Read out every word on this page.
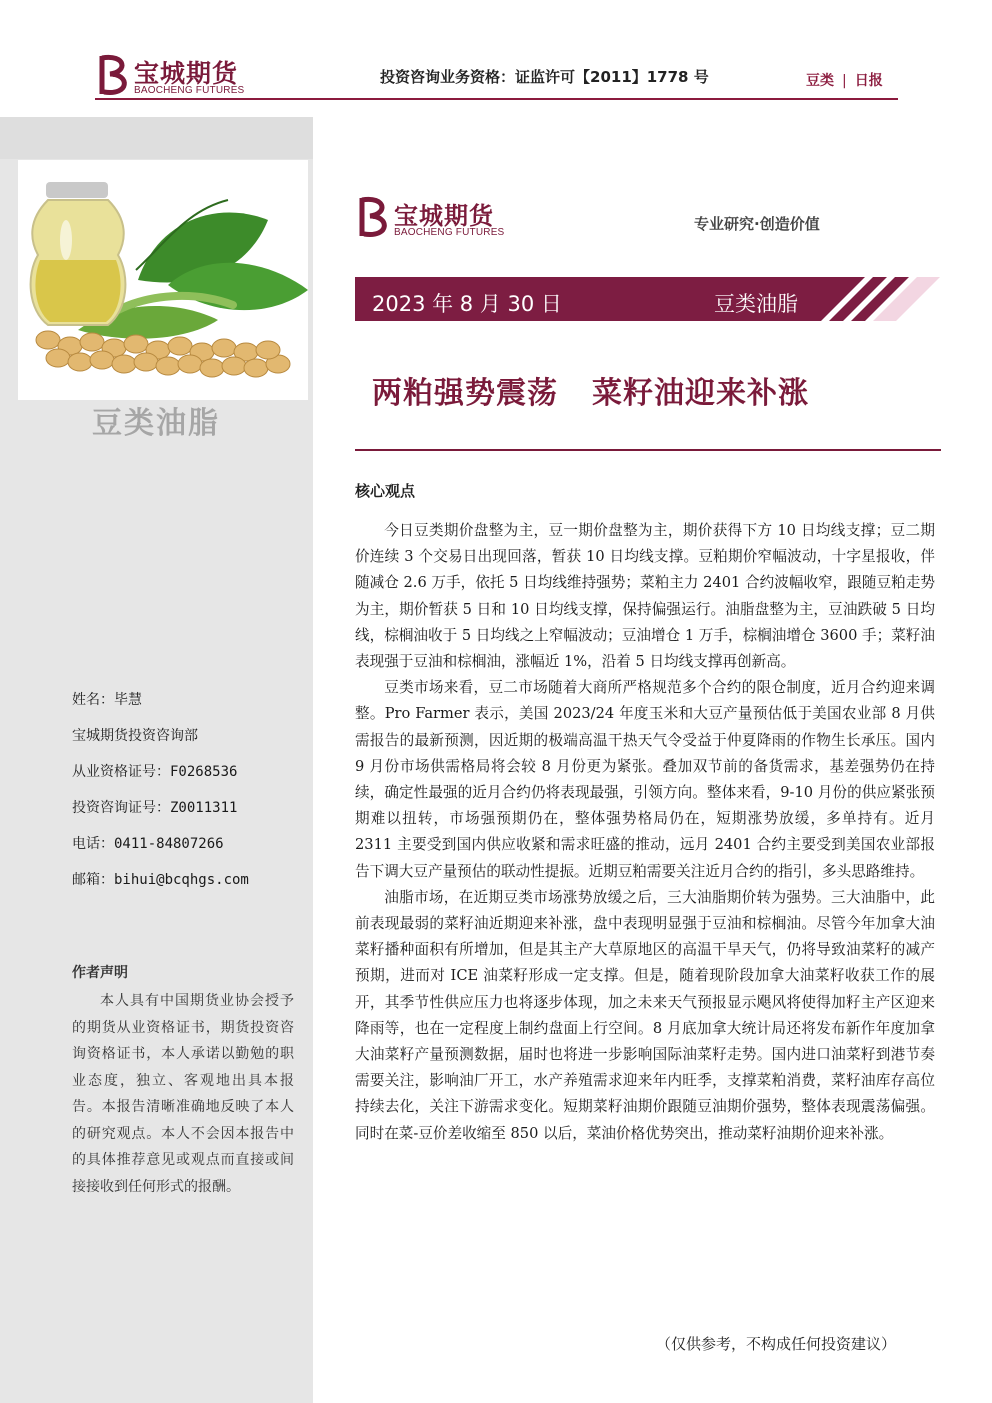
宝城期货
BAOCHENG FUTURES
投资咨询业务资格：证监许可【2011】1778 号	豆类 | 日报
豆类油脂
姓名：毕慧
宝城期货投资咨询部
从业资格证号：F0268536
投资咨询证号：Z0011311
电话：0411-84807266
邮箱：bihui@bcqhgs.com
作者声明
本人具有中国期货业协会授予的期货从业资格证书，期货投资咨询资格证书，本人承诺以勤勉的职业态度，独立、客观地出具本报告。本报告清晰准确地反映了本人的研究观点。本人不会因本报告中的具体推荐意见或观点而直接或间接接收到任何形式的报酬。
宝城期货
BAOCHENG FUTURES	专业研究·创造价值
2023 年 8 月 30 日	豆类油脂
两粕强势震荡 菜籽油迎来补涨
核心观点

今日豆类期价盘整为主，豆一期价盘整为主，期价获得下方 10 日均线支撑；豆二期价连续 3 个交易日出现回落，暂获 10 日均线支撑。豆粕期价窄幅波动，十字星报收，伴随减仓 2.6 万手，依托 5 日均线维持强势；菜粕主力 2401 合约波幅收窄，跟随豆粕走势为主，期价暂获 5 日和 10 日均线支撑，保持偏强运行。油脂盘整为主，豆油跌破 5 日均线，棕榈油收于 5 日均线之上窄幅波动；豆油增仓 1 万手，棕榈油增仓 3600 手；菜籽油表现强于豆油和棕榈油，涨幅近 1%，沿着 5 日均线支撑再创新高。

豆类市场来看，豆二市场随着大商所严格规范多个合约的限仓制度，近月合约迎来调整。Pro Farmer 表示，美国 2023/24 年度玉米和大豆产量预估低于美国农业部 8 月供需报告的最新预测，因近期的极端高温干热天气令受益于仲夏降雨的作物生长承压。国内 9 月份市场供需格局将会较 8 月份更为紧张。叠加双节前的备货需求，基差强势仍在持续，确定性最强的近月合约仍将表现最强，引领方向。整体来看，9-10 月份的供应紧张预期难以扭转，市场强预期仍在，整体强势格局仍在，短期涨势放缓，多单持有。近月 2311 主要受到国内供应收紧和需求旺盛的推动，远月 2401 合约主要受到美国农业部报告下调大豆产量预估的联动性提振。近期豆粕需要关注近月合约的指引，多头思路维持。

油脂市场，在近期豆类市场涨势放缓之后，三大油脂期价转为强势。三大油脂中，此前表现最弱的菜籽油近期迎来补涨，盘中表现明显强于豆油和棕榈油。尽管今年加拿大油菜籽播种面积有所增加，但是其主产大草原地区的高温干旱天气，仍将导致油菜籽的减产预期，进而对 ICE 油菜籽形成一定支撑。但是，随着现阶段加拿大油菜籽收获工作的展开，其季节性供应压力也将逐步体现，加之未来天气预报显示飓风将使得加籽主产区迎来降雨等，也在一定程度上制约盘面上行空间。8 月底加拿大统计局还将发布新作年度加拿大油菜籽产量预测数据，届时也将进一步影响国际油菜籽走势。国内进口油菜籽到港节奏需要关注，影响油厂开工，水产养殖需求迎来年内旺季，支撑菜粕消费，菜籽油库存高位持续去化，关注下游需求变化。短期菜籽油期价跟随豆油期价强势，整体表现震荡偏强。同时在菜-豆价差收缩至 850 以后，菜油价格优势突出，推动菜籽油期价迎来补涨。

（仅供参考，不构成任何投资建议）
